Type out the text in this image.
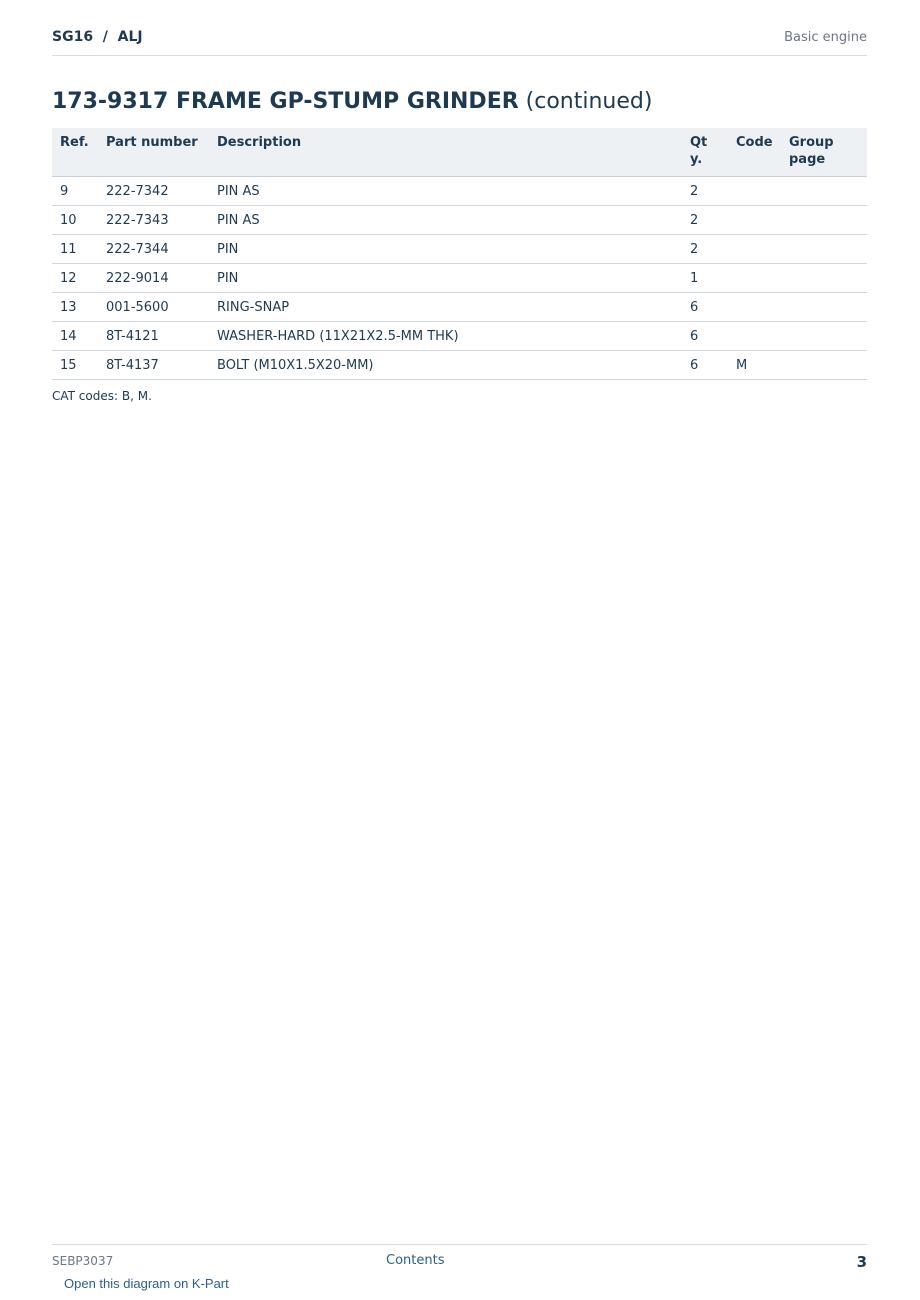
SG16  /  ALJ	Basic engine
173-9317 FRAME GP-STUMP GRINDER (continued)
Ref.	Part number	Description	Qty.	Code	Group page
9	222-7342	PIN AS	2		
10	222-7343	PIN AS	2		
11	222-7344	PIN	2		
12	222-9014	PIN	1		
13	001-5600	RING-SNAP	6		
14	8T-4121	WASHER-HARD (11X21X2.5-MM THK)	6		
15	8T-4137	BOLT (M10X1.5X20-MM)	6	M	
CAT codes: B, M.
SEBP3037	Contents	3
Open this diagram on K-Part
